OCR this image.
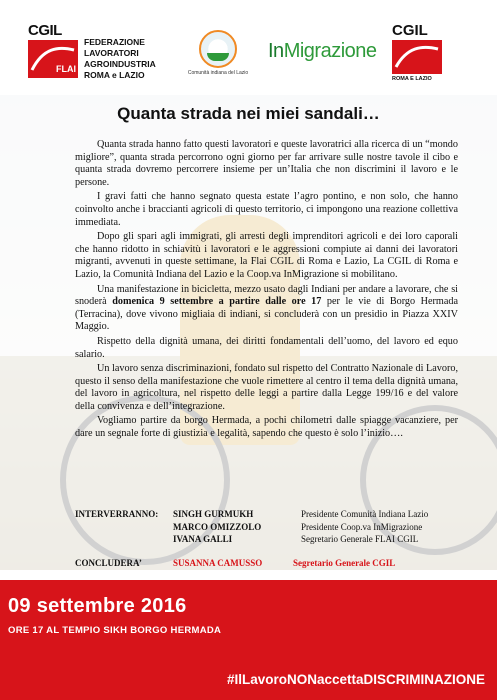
CGIL
FLAI
FEDERAZIONE
LAVORATORI
AGROINDUSTRIA
ROMA e LAZIO	Comunità indiana del Lazio
InMigrazione
CGIL
ROMA E LAZIO
Quanta strada nei miei sandali…

Quanta strada hanno fatto questi lavoratori e queste lavoratrici alla ricerca di un “mondo migliore”, quanta strada percorrono ogni giorno per far arrivare sulle nostre tavole il cibo e quanta strada dovremo percorrere insieme per un’Italia che non discrimini il lavoro e le persone.

I gravi fatti che hanno segnato questa estate l’agro pontino, e non solo, che hanno coinvolto anche i braccianti agricoli di questo territorio, ci impongono una reazione collettiva immediata.

Dopo gli spari agli immigrati, gli arresti degli imprenditori agricoli e dei loro caporali che hanno ridotto in schiavitù i lavoratori e le aggressioni compiute ai danni dei lavoratori migranti, avvenuti in queste settimane, la Flai CGIL di Roma e Lazio, La CGIL di Roma e Lazio, la Comunità Indiana del Lazio e la Coop.va InMigrazione si mobilitano.

Una manifestazione in bicicletta, mezzo usato dagli Indiani per andare a lavorare, che si snoderà domenica 9 settembre a partire dalle ore 17 per le vie di Borgo Hermada (Terracina), dove vivono migliaia di indiani, si concluderà con un presidio in Piazza XXIV Maggio.

Rispetto della dignità umana, dei diritti fondamentali dell’uomo, del lavoro ed equo salario.

Un lavoro senza discriminazioni, fondato sul rispetto del Contratto Nazionale di Lavoro, questo il senso della manifestazione che vuole rimettere al centro il tema della dignità umana, del lavoro in agricoltura, nel rispetto delle leggi a partire dalla Legge 199/16 e del valore della convivenza e dell’integrazione.

Vogliamo partire da borgo Hermada, a pochi chilometri dalle spiagge vacanziere, per dare un segnale forte di giustizia e legalità, sapendo che questo è solo l’inizio….

INTERVERRANNO:	SINGH GURMUKH	Presidente Comunità Indiana Lazio
MARCO OMIZZOLO	Presidente Coop.va InMigrazione
IVANA GALLI	Segretario Generale FLAI CGIL
CONCLUDERA’	SUSANNA CAMUSSO	Segretario Generale CGIL
09 settembre 2016
ORE 17 AL TEMPIO SIKH BORGO HERMADA
#IlLavoroNONaccettaDISCRIMINAZIONE
